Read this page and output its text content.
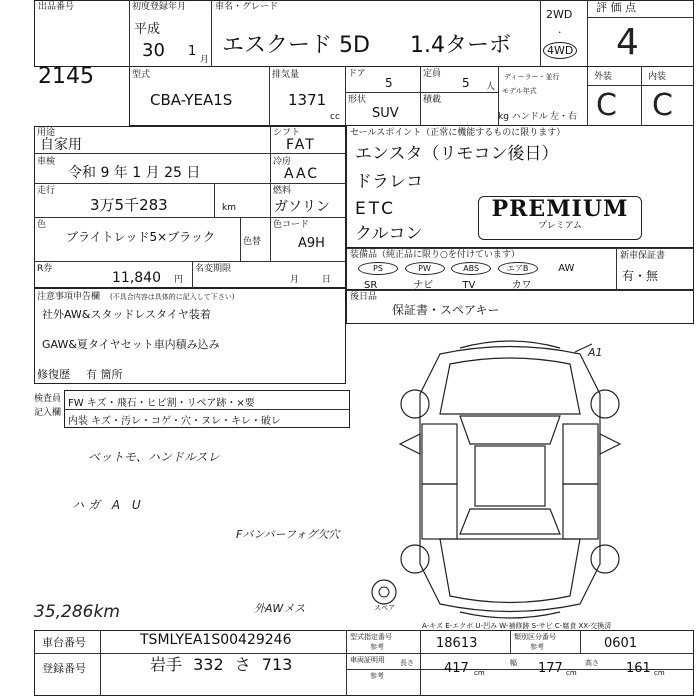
出品番号
2145
初度登録年月
平成
30 1
月
車名・グレード
エスクード 5D 1.4ターボ
2WD
·
4WD
評 価 点
4
型式
CBA-YEA1S
排気量
1371
cc
ドア
5
定員
5 人
形状
SUV
積載
ディーラー・並行
モデル年式
kg ハンドル 左・右
外装	内装
C C
用途
自家用
車検
令和 9 年 1 月 25 日
走行
3万5千283	km
色
ブライトレッド5×ブラック	色替
R券
11,840 円
名変期限
月 日
シフト
FAT
冷房
AAC
燃料
ガソリン
色コード
A9H
セールスポイント（正常に機能するものに限ります）
エンスタ（リモコン後日）
ドラレコ
ETC
クルコン
PREMIUM
プレミアム
装備品（純正品に限り○を付けています）
PS	PW	ABS	エアB	AW
SR	ナビ	TV	カワ
新車保証書
有・無
後日品
保証書・スペアキー
注意事項申告欄 (不具合内容は具体的に記入して下さい)
社外AW&スタッドレスタイヤ装着
GAW&夏タイヤセット車内積み込み
修復歴 有 箇所
検査員
記入欄
FW キズ・飛石・ヒビ割・リペア跡・×要
内装 キズ・汚レ・コゲ・穴・ヌレ・キレ・破レ
ベットモ、ハンドルスレ
ハガ A U
Fバンパーフォグ欠穴
外AWメス
35,286km
A1
スペア
A-キズ E-エクボ U-凹み W-補修跡 S-サビ C-腐食 XX-交換済
車台番号	TSMLYEA1S00429246
登録番号	岩手 332 さ 713
型式指定番号
参考	18613	類別区分番号
参考	0601
車両証明用
参考
長さ 417 cm
幅 177 cm
高さ 161 cm
